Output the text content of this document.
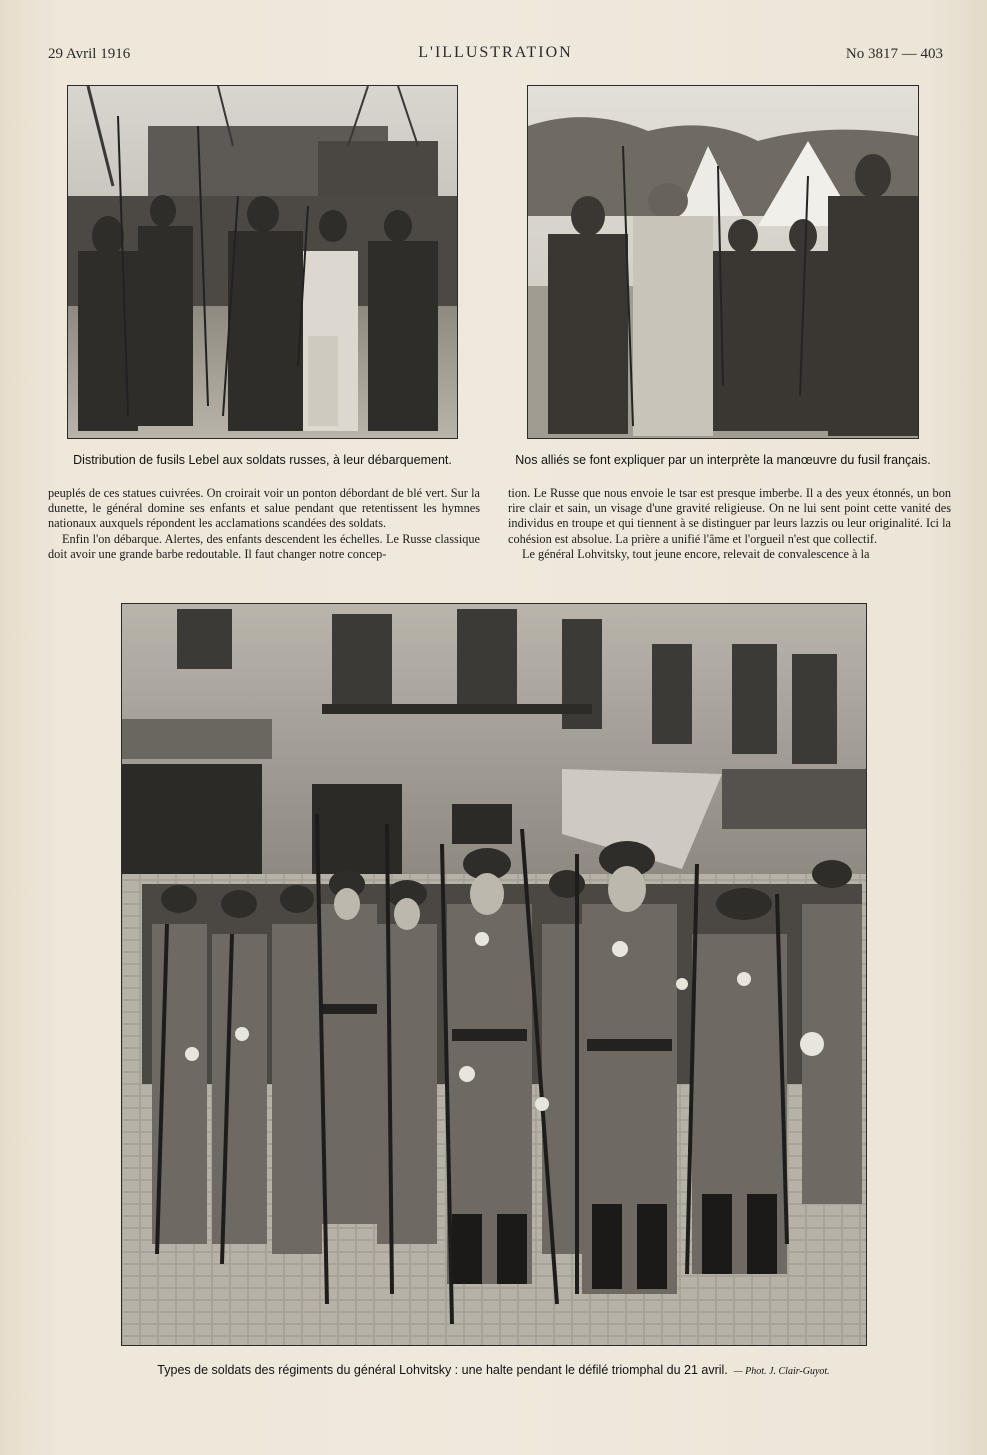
29 Avril 1916	L'ILLUSTRATION	No 3817 — 403
Distribution de fusils Lebel aux soldats russes, à leur débarquement.	Nos alliés se font expliquer par un interprète la manœuvre du fusil français.

peuplés de ces statues cuivrées. On croirait voir un ponton débordant de blé vert. Sur la dunette, le général domine ses enfants et salue pendant que retentissent les hymnes nationaux auxquels répondent les acclamations scandées des soldats.

Enfin l'on débarque. Alertes, des enfants descendent les échelles. Le Russe classique doit avoir une grande barbe redoutable. Il faut changer notre concep-

tion. Le Russe que nous envoie le tsar est presque imberbe. Il a des yeux étonnés, un bon rire clair et sain, un visage d'une gravité religieuse. On ne lui sent point cette vanité des individus en troupe et qui tiennent à se distinguer par leurs lazzis ou leur originalité. Ici la cohésion est absolue. La prière a unifié l'âme et l'orgueil n'est que collectif.

Le général Lohvitsky, tout jeune encore, relevait de convalescence à la

Types de soldats des régiments du général Lohvitsky : une halte pendant le défilé triomphal du 21 avril. — Phot. J. Clair-Guyot.
